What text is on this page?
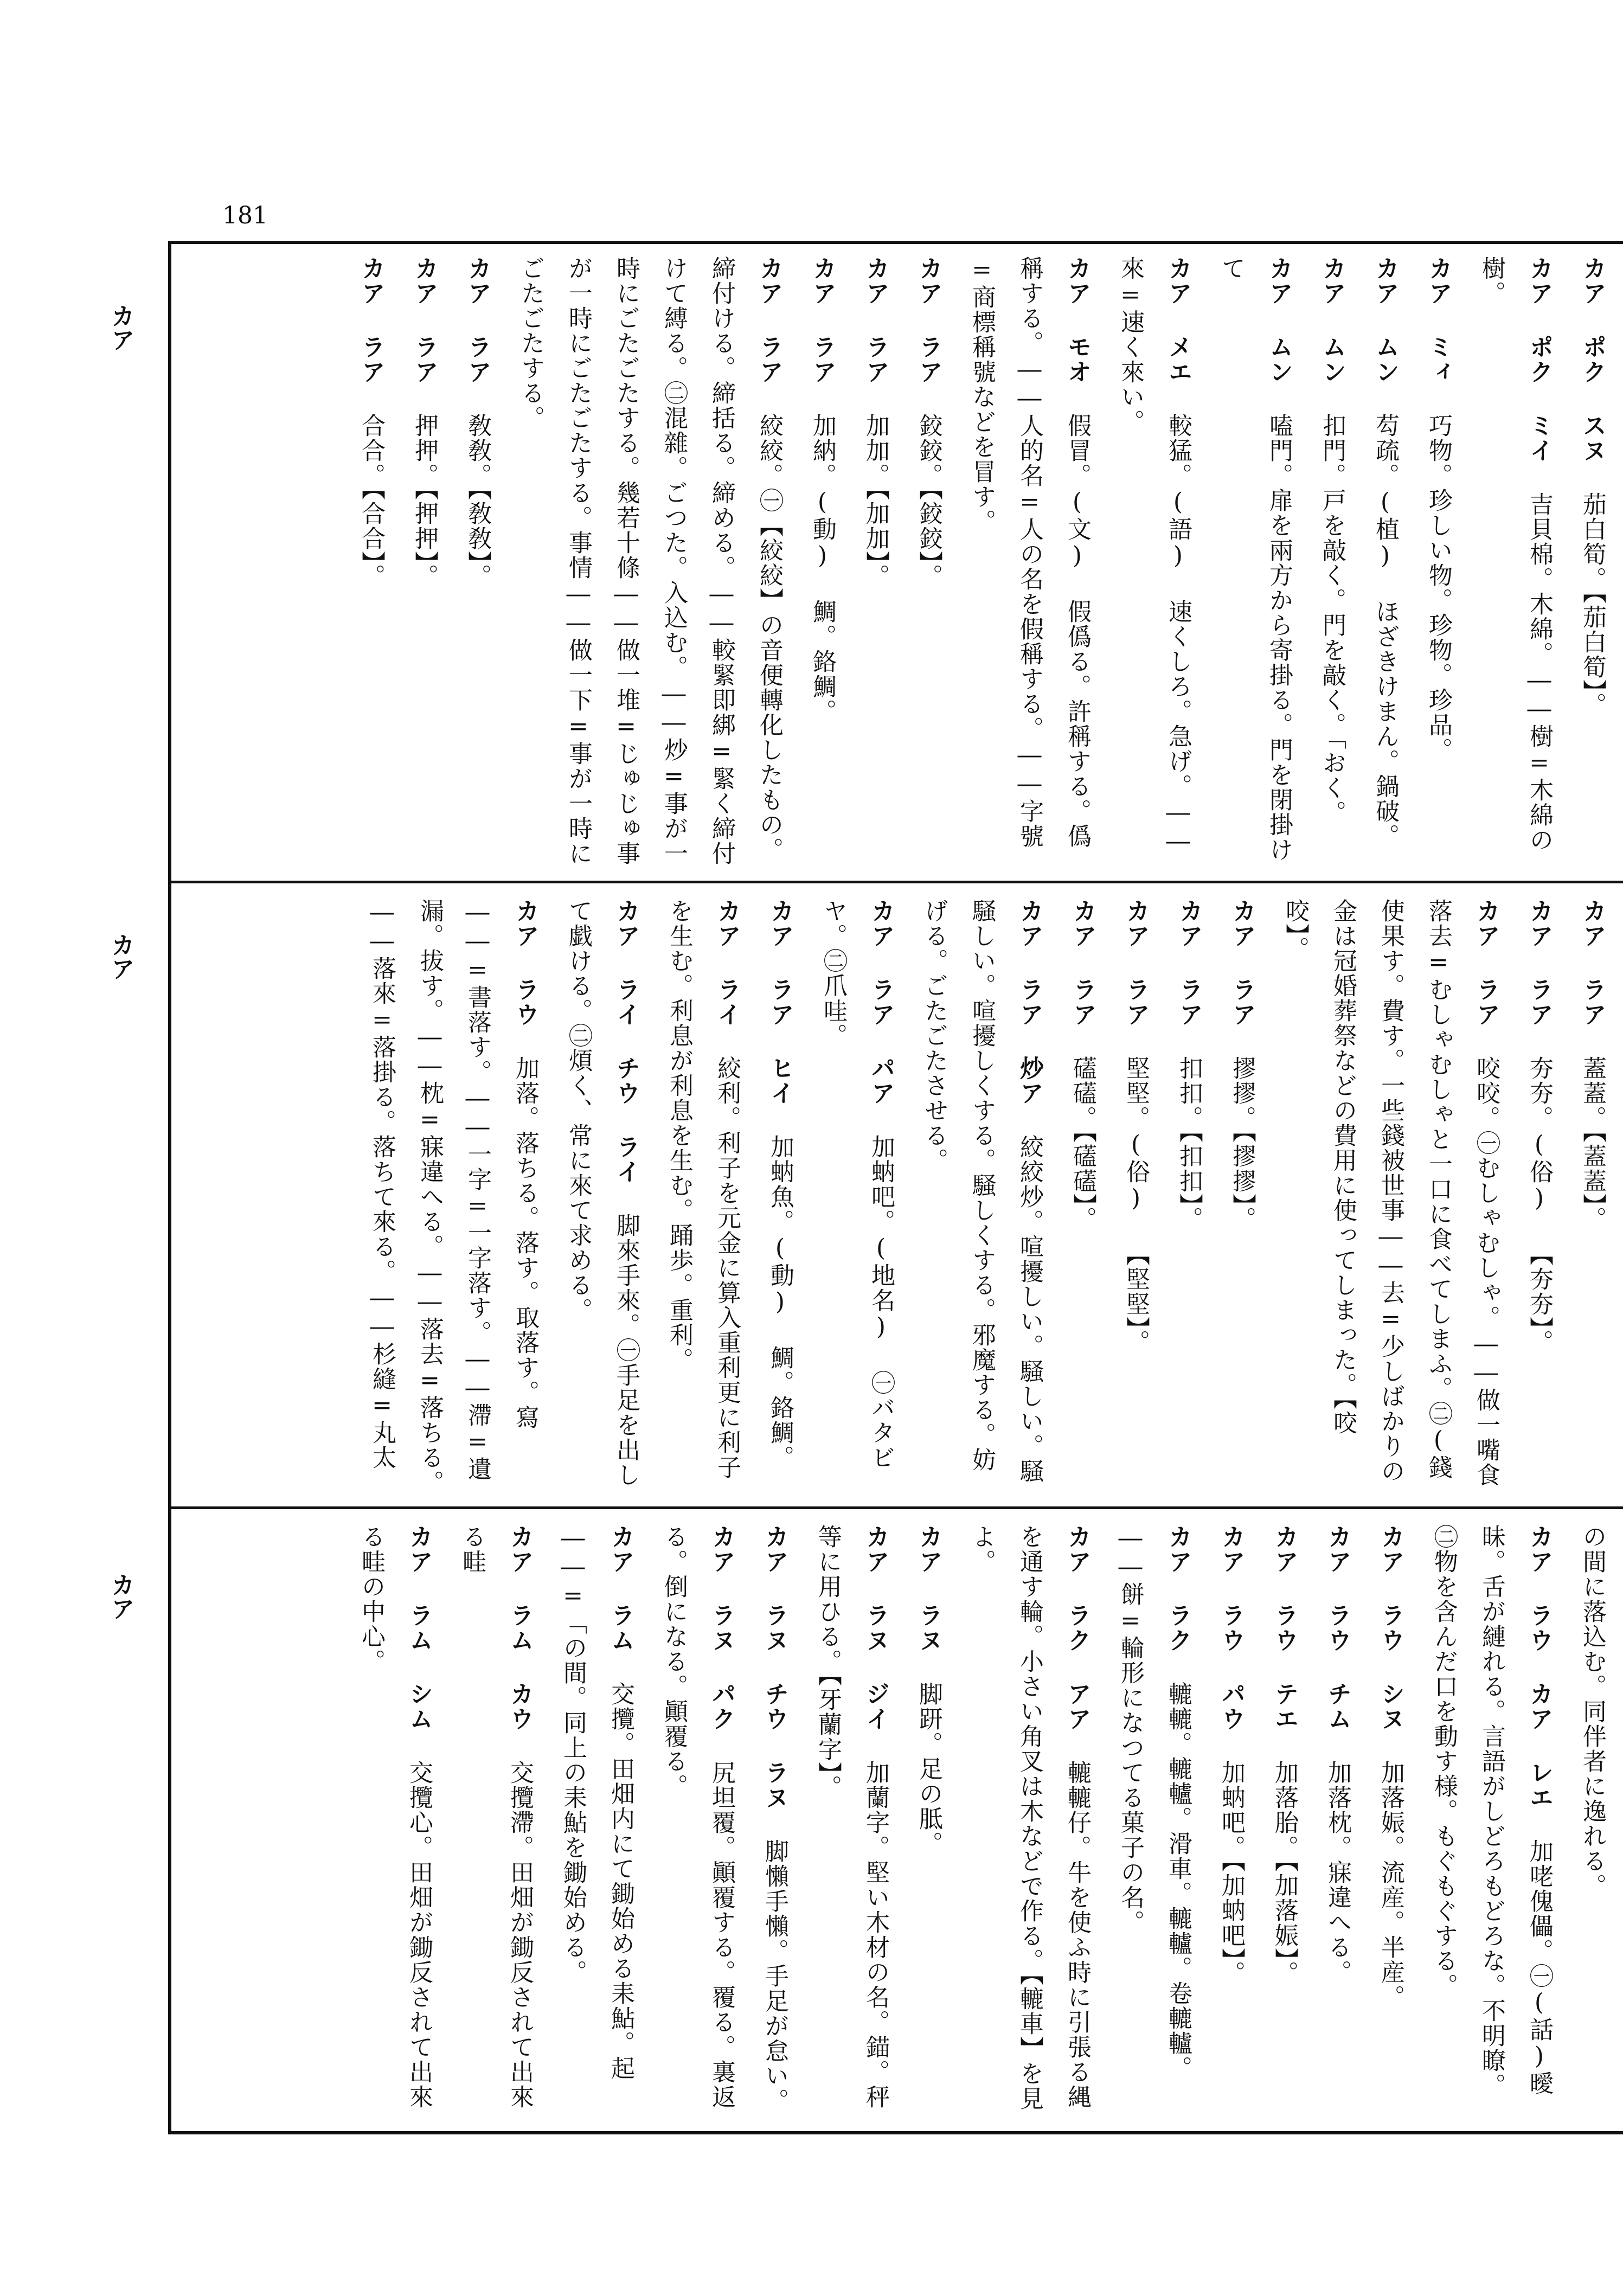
181
カア
カア
カア
カア ポク スヌ 茄白筍。【茄白筍】。
カア ポク ミイ 吉貝棉。木綿。――樹=木綿の樹。
カア ミィ 巧物。珍しい物。珍物。珍品。
カア ムン 芶疏。(植) ほざきけまん。鍋破。
カア ムン 扣門。戸を敲く。門を敲く。「おく。
カア ムン 嗑門。扉を兩方から寄掛る。門を閉掛けて
カア メエ 較猛。(語) 速くしろ。急げ。――來=速く來い。
カア モオ 假冒。(文) 假僞る。許稱する。僞稱する。――人的名=人の名を假稱する。――字號=商標稱號などを冒す。
カア ラア 鉸鉸。【鉸鉸】。
カア ラア 加加。【加加】。
カア ラア 加納。(動) 鯛。鉻鯛。
カア ラア 絞絞。㊀【絞絞】の音便轉化したもの。締付ける。締括る。締める。――較緊即綁=緊く締付けて縛る。㊁混雜。ごつた。入込む。――炒=事が一時にごたごたする。幾若十條――做一堆=じゅじゅ事が一時にごたごたする。事情――做一下=事が一時にごたごたする。
カア ラア 敎敎。【敎敎】。
カア ラア 押押。【押押】。
カア ラア 合合。【合合】。
カア ラア 蓋蓋。【蓋蓋】。
カア ラア 夯夯。(俗) 【夯夯】。
カア ラア 咬咬。㊀むしゃむしゃ。――做一嘴食落去=むしゃむしゃと一口に食べてしまふ。㊁(錢使果す。費す。一些錢被世事――去=少しばかりの金は冠婚葬祭などの費用に使ってしまった。【咬咬】。
カア ラア 摎摎。【摎摎】。
カア ラア 扣扣。【扣扣】。
カア ラア 堅堅。(俗) 【堅堅】。
カア ラア 礚礚。【礚礚】。
カア ラア 炒ア 絞絞炒。喧擾しい。騒しい。騒騒しい。喧擾しくする。騒しくする。邪魔する。妨げる。ごたごたさせる。
カア ラア パア 加蚋吧。(地名) ㊀バタビヤ。㊁爪哇。
カア ラア ヒイ 加蚋魚。(動) 鯛。鉻鯛。
カア ライ 絞利。利子を元金に算入重利更に利子を生む。利息が利息を生む。踊歩。重利。
カア ライ チウ ライ 脚來手來。㊀手足を出して戯ける。㊁煩く、常に來て求める。
カア ラウ 加落。落ちる。落す。取落す。寫――=書落す。――一字=一字落す。――滯=遺漏。拔す。――枕=寐違へる。――落去=落ちる。――落來=落掛る。落ちて來る。――杉縫=丸太
の間に落込む。同伴者に逸れる。
カア ラウ カア レエ 加咾傀儡。㊀(話)曖昧。舌が縺れる。言語がしどろもどろな。不明瞭。㊁物を含んだ口を動す様。もぐもぐする。
カア ラウ シヌ 加落娠。流産。半産。
カア ラウ チム 加落枕。寐違へる。
カア ラウ テエ 加落胎。【加落娠】。
カア ラウ パウ 加蚋吧。【加蚋吧】。
カア ラク 轆轆。轆轤。滑車。轆轤。卷轆轤。――餅=輪形になつてる菓子の名。
カア ラク アア 轆轆仔。牛を使ふ時に引張る縄を通す輪。小さい角叉は木などで作る。【轆車】を見よ。
カア ラヌ 脚趼。足の胝。
カア ラヌ ジイ 加蘭字。堅い木材の名。錨。秤等に用ひる。【牙蘭字】。
カア ラヌ チウ ラヌ 脚懶手懶。手足が怠い。
カア ラヌ パク 尻坦覆。顚覆する。覆る。裏返る。倒になる。顚覆る。
カア ラム 交攬。田畑内にて鋤始める耒鮎。起――=「の間。同上の耒鮎を鋤始める。
カア ラム カウ 交攬滯。田畑が鋤反されて出來る畦
カア ラム シム 交攬心。田畑が鋤反されて出來る畦の中心。
